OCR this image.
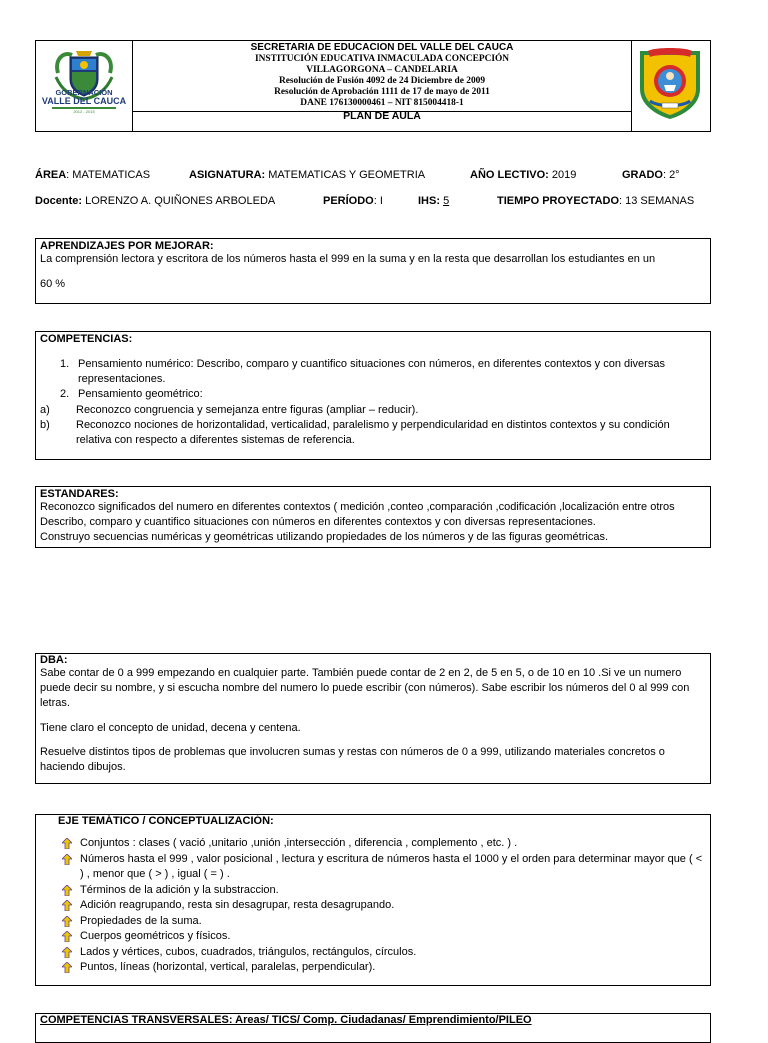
GOBERNACIÓN
VALLE DEL CAUCA
2012 - 2015
SECRETARIA DE EDUCACION DEL VALLE DEL CAUCA
INSTITUCIÓN EDUCATIVA INMACULADA CONCEPCIÓN
VILLAGORGONA – CANDELARIA
Resolución de Fusión 4092 de 24 Diciembre de 2009
Resolución de Aprobación 1111 de 17 de mayo de 2011
DANE 176130000461 – NIT 815004418-1
PLAN DE AULA
ÁREA: MATEMATICAS	ASIGNATURA: MATEMATICAS Y GEOMETRIA	AÑO LECTIVO: 2019	GRADO: 2°
Docente: LORENZO A. QUIÑONES ARBOLEDA	PERÍODO: I	IHS: 5	TIEMPO PROYECTADO: 13 SEMANAS
APRENDIZAJES POR MEJORAR:
La comprensión lectora y escritora de los números hasta el 999 en la suma y en la resta que desarrollan los estudiantes en un
60 %
COMPETENCIAS:
1. Pensamiento numérico: Describo, comparo y cuantifico situaciones con números, en diferentes contextos y con diversas representaciones.
2. Pensamiento geométrico:
a) Reconozco congruencia y semejanza entre figuras (ampliar – reducir).
b) Reconozco nociones de horizontalidad, verticalidad, paralelismo y perpendicularidad en distintos contextos y su condición relativa con respecto a diferentes sistemas de referencia.
ESTANDARES:
Reconozco significados del numero en diferentes contextos ( medición ,conteo ,comparación ,codificación ,localización entre otros
Describo, comparo y cuantifico situaciones con números en diferentes contextos y con diversas representaciones.
Construyo secuencias numéricas y geométricas utilizando propiedades de los números y de las figuras geométricas.
DBA:
Sabe contar de 0 a 999 empezando en cualquier parte. También puede contar de 2 en 2, de 5 en 5, o de 10 en 10 .Si ve un numero puede decir su nombre, y si escucha nombre del numero lo puede escribir (con números). Sabe escribir los números del 0 al 999 con letras.
Tiene claro el concepto de unidad, decena y centena.
Resuelve distintos tipos de problemas que involucren sumas y restas con números de 0 a 999, utilizando materiales concretos o haciendo dibujos.
EJE TEMÁTICO / CONCEPTUALIZACIÓN:
Conjuntos : clases ( vació ,unitario ,unión ,intersección , diferencia , complemento , etc. ) .
Números hasta el 999 , valor posicional , lectura y escritura de números hasta el 1000 y el orden para determinar mayor que ( < ) , menor que ( > ) , igual ( = ) .
Términos de la adición y la substraccion.
Adición reagrupando, resta sin desagrupar, resta desagrupando.
Propiedades de la suma.
Cuerpos geométricos y físicos.
Lados y vértices, cubos, cuadrados, triángulos, rectángulos, círculos.
Puntos, líneas (horizontal, vertical, paralelas, perpendicular).
COMPETENCIAS TRANSVERSALES: Areas/ TICS/ Comp. Ciudadanas/ Emprendimiento/PILEO
